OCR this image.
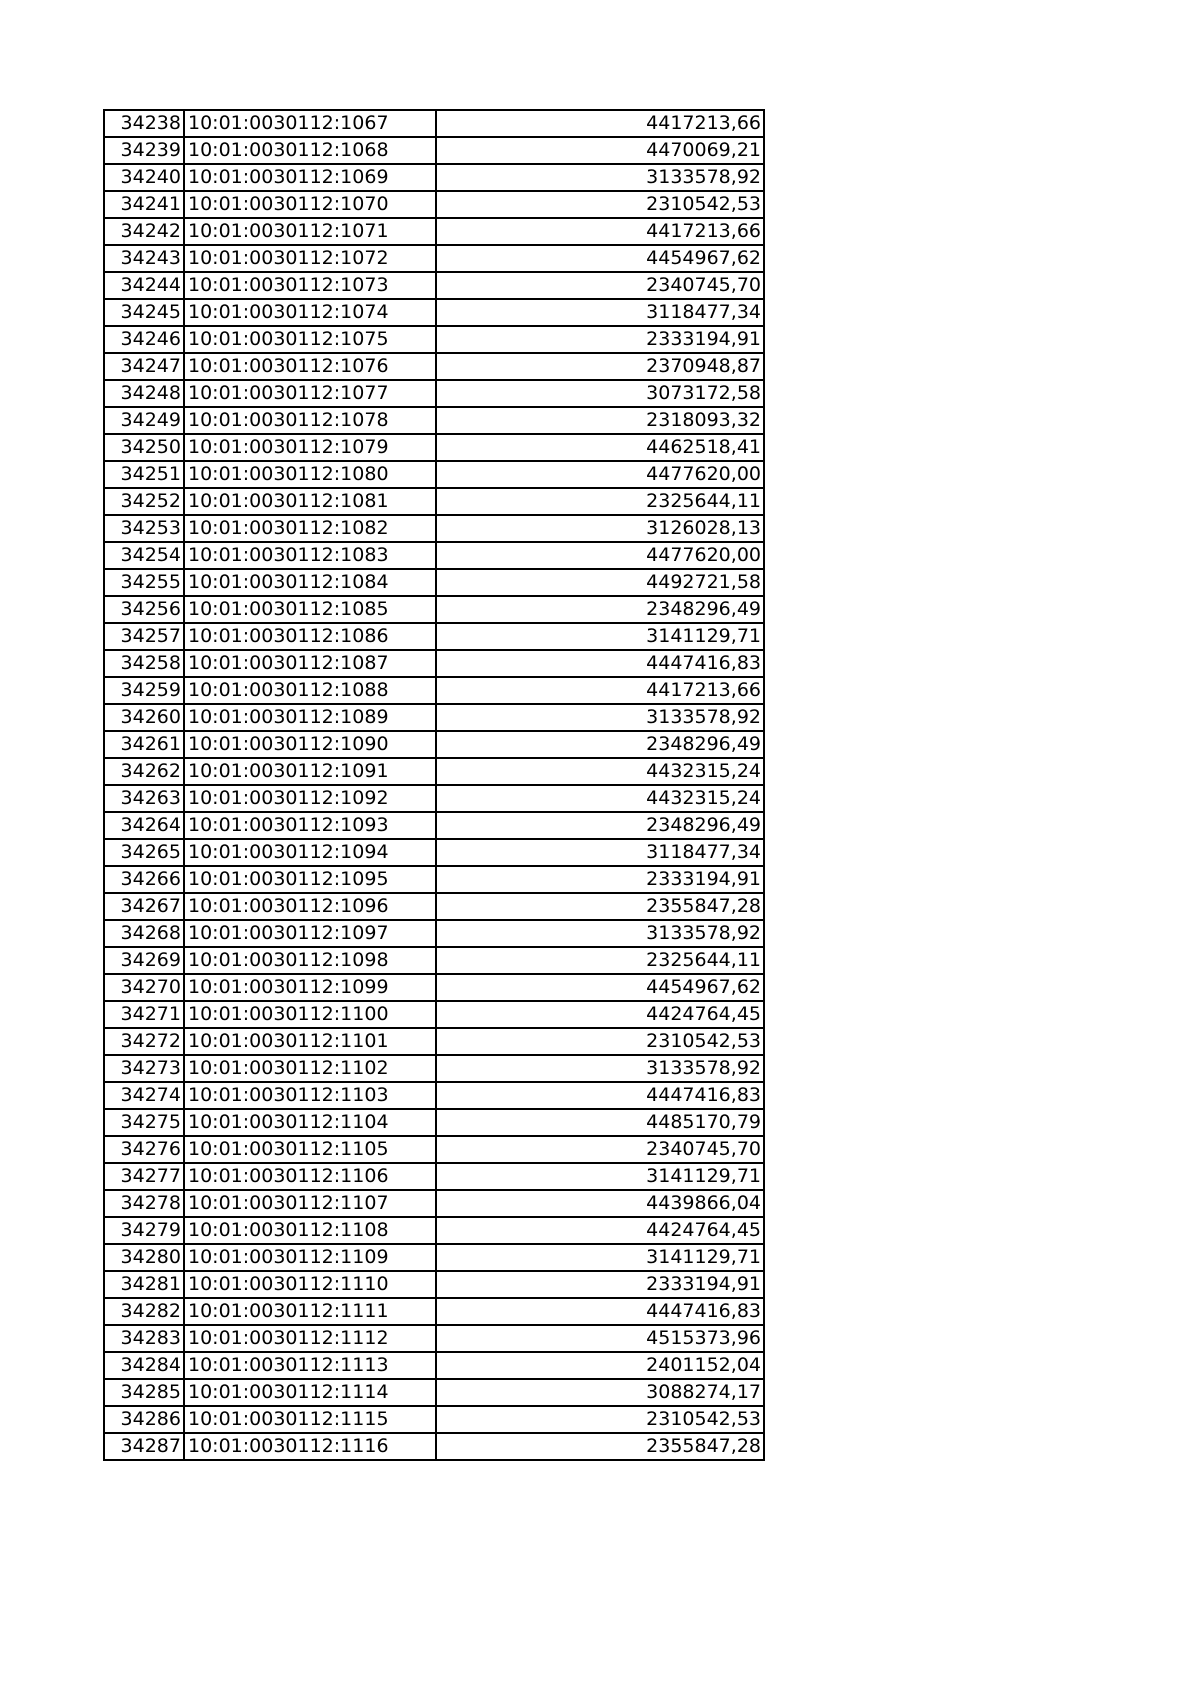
34238	10:01:0030112:1067	4417213,66
34239	10:01:0030112:1068	4470069,21
34240	10:01:0030112:1069	3133578,92
34241	10:01:0030112:1070	2310542,53
34242	10:01:0030112:1071	4417213,66
34243	10:01:0030112:1072	4454967,62
34244	10:01:0030112:1073	2340745,70
34245	10:01:0030112:1074	3118477,34
34246	10:01:0030112:1075	2333194,91
34247	10:01:0030112:1076	2370948,87
34248	10:01:0030112:1077	3073172,58
34249	10:01:0030112:1078	2318093,32
34250	10:01:0030112:1079	4462518,41
34251	10:01:0030112:1080	4477620,00
34252	10:01:0030112:1081	2325644,11
34253	10:01:0030112:1082	3126028,13
34254	10:01:0030112:1083	4477620,00
34255	10:01:0030112:1084	4492721,58
34256	10:01:0030112:1085	2348296,49
34257	10:01:0030112:1086	3141129,71
34258	10:01:0030112:1087	4447416,83
34259	10:01:0030112:1088	4417213,66
34260	10:01:0030112:1089	3133578,92
34261	10:01:0030112:1090	2348296,49
34262	10:01:0030112:1091	4432315,24
34263	10:01:0030112:1092	4432315,24
34264	10:01:0030112:1093	2348296,49
34265	10:01:0030112:1094	3118477,34
34266	10:01:0030112:1095	2333194,91
34267	10:01:0030112:1096	2355847,28
34268	10:01:0030112:1097	3133578,92
34269	10:01:0030112:1098	2325644,11
34270	10:01:0030112:1099	4454967,62
34271	10:01:0030112:1100	4424764,45
34272	10:01:0030112:1101	2310542,53
34273	10:01:0030112:1102	3133578,92
34274	10:01:0030112:1103	4447416,83
34275	10:01:0030112:1104	4485170,79
34276	10:01:0030112:1105	2340745,70
34277	10:01:0030112:1106	3141129,71
34278	10:01:0030112:1107	4439866,04
34279	10:01:0030112:1108	4424764,45
34280	10:01:0030112:1109	3141129,71
34281	10:01:0030112:1110	2333194,91
34282	10:01:0030112:1111	4447416,83
34283	10:01:0030112:1112	4515373,96
34284	10:01:0030112:1113	2401152,04
34285	10:01:0030112:1114	3088274,17
34286	10:01:0030112:1115	2310542,53
34287	10:01:0030112:1116	2355847,28
